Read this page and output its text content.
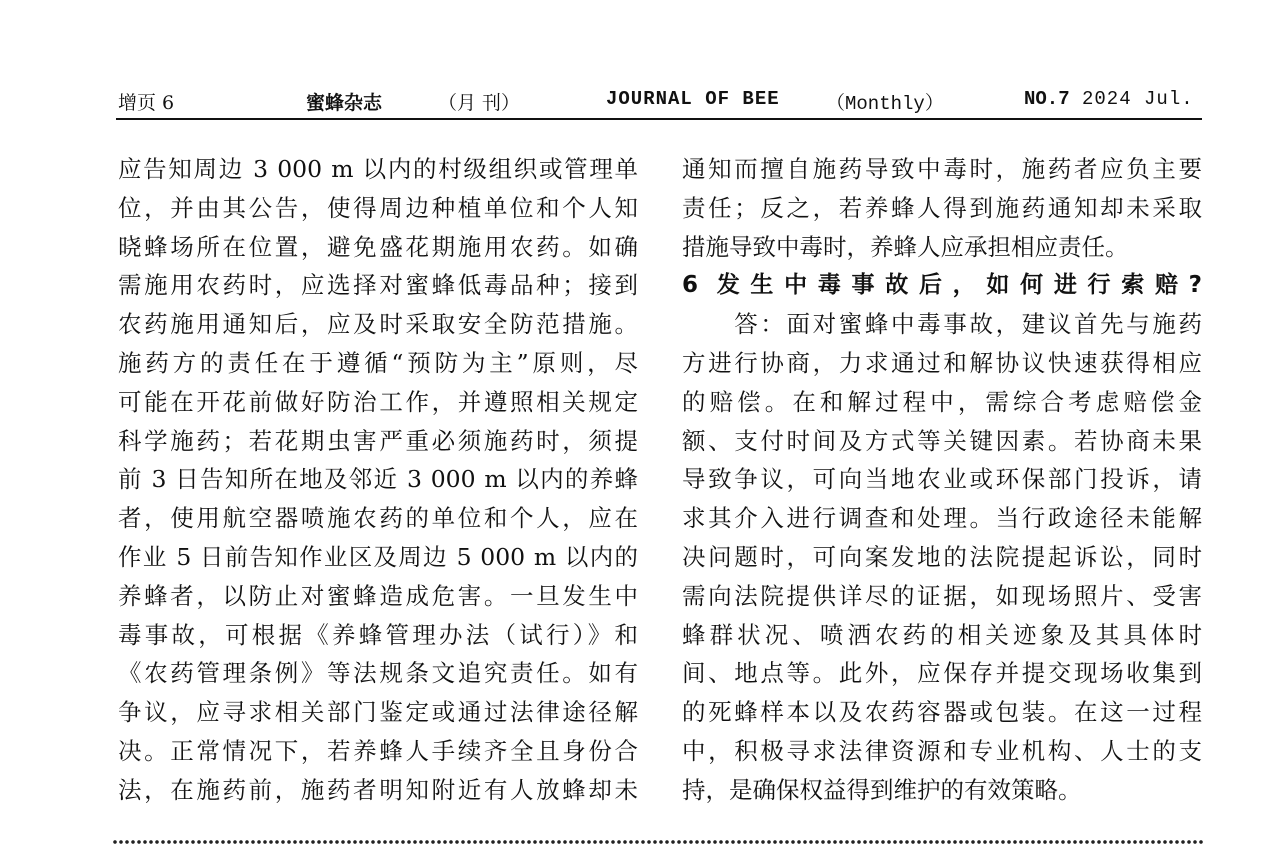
增页 6	蜜蜂杂志	（月 刊）	JOURNAL OF BEE （Monthly）	NO.7 2024 Jul.
应告知周边 3 000 m 以内的村级组织或管理单
位，并由其公告，使得周边种植单位和个人知
晓蜂场所在位置，避免盛花期施用农药。如确
需施用农药时，应选择对蜜蜂低毒品种；接到
农药施用通知后，应及时采取安全防范措施。
施药方的责任在于遵循“预防为主”原则，尽
可能在开花前做好防治工作，并遵照相关规定
科学施药；若花期虫害严重必须施药时，须提
前 3 日告知所在地及邻近 3 000 m 以内的养蜂
者，使用航空器喷施农药的单位和个人，应在
作业 5 日前告知作业区及周边 5 000 m 以内的
养蜂者，以防止对蜜蜂造成危害。一旦发生中
毒事故，可根据《养蜂管理办法（试行）》和
《农药管理条例》等法规条文追究责任。如有
争议，应寻求相关部门鉴定或通过法律途径解
决。正常情况下，若养蜂人手续齐全且身份合
法，在施药前，施药者明知附近有人放蜂却未
通知而擅自施药导致中毒时，施药者应负主要
责任；反之，若养蜂人得到施药通知却未采取
措施导致中毒时，养蜂人应承担相应责任。
6 发生中毒事故后，如何进行索赔?
　　答：面对蜜蜂中毒事故，建议首先与施药
方进行协商，力求通过和解协议快速获得相应
的赔偿。在和解过程中，需综合考虑赔偿金
额、支付时间及方式等关键因素。若协商未果
导致争议，可向当地农业或环保部门投诉，请
求其介入进行调查和处理。当行政途径未能解
决问题时，可向案发地的法院提起诉讼，同时
需向法院提供详尽的证据，如现场照片、受害
蜂群状况、喷洒农药的相关迹象及其具体时
间、地点等。此外，应保存并提交现场收集到
的死蜂样本以及农药容器或包装。在这一过程
中，积极寻求法律资源和专业机构、人士的支
持，是确保权益得到维护的有效策略。
